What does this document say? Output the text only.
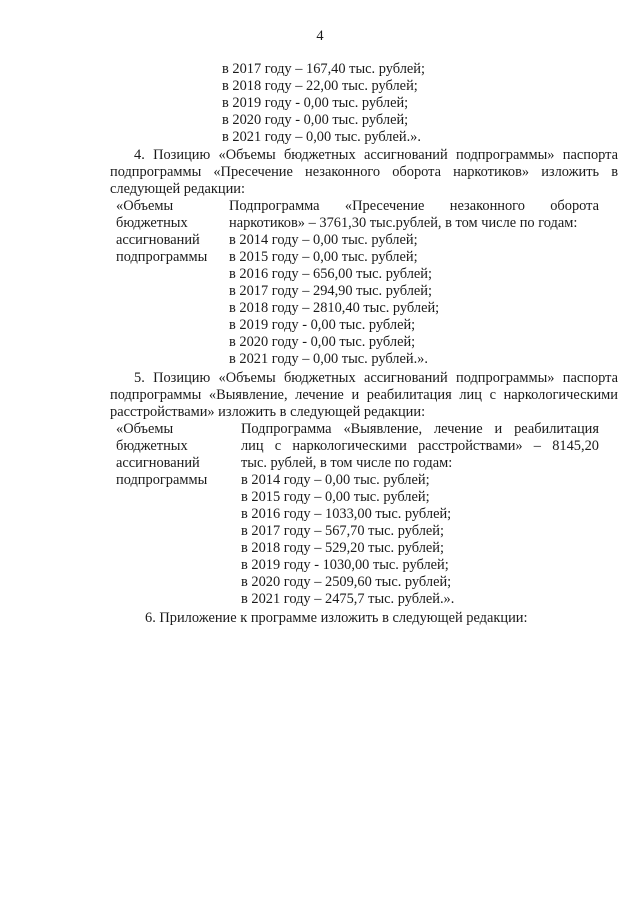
4
в 2017 году – 167,40 тыс. рублей;
в 2018 году – 22,00 тыс. рублей;
в 2019 году - 0,00 тыс. рублей;
в 2020 году - 0,00 тыс. рублей;
в 2021 году – 0,00 тыс. рублей.».
4. Позицию «Объемы бюджетных ассигнований подпрограммы» паспорта
подпрограммы «Пресечение незаконного оборота наркотиков» изложить в
следующей редакции:
«Объемы
бюджетных
ассигнований
подпрограммы
Подпрограмма «Пресечение незаконного оборота
наркотиков» – 3761,30 тыс.рублей, в том числе по годам:
в 2014 году – 0,00 тыс. рублей;
в 2015 году – 0,00 тыс. рублей;
в 2016 году – 656,00 тыс. рублей;
в 2017 году – 294,90 тыс. рублей;
в 2018 году – 2810,40 тыс. рублей;
в 2019 году - 0,00 тыс. рублей;
в 2020 году - 0,00 тыс. рублей;
в 2021 году – 0,00 тыс. рублей.».
5. Позицию «Объемы бюджетных ассигнований подпрограммы» паспорта
подпрограммы «Выявление, лечение и реабилитация лиц с наркологическими
расстройствами» изложить в следующей редакции:
«Объемы
бюджетных
ассигнований
подпрограммы
Подпрограмма «Выявление, лечение и реабилитация
лиц с наркологическими расстройствами» – 8145,20
тыс. рублей, в том числе по годам:
в 2014 году – 0,00 тыс. рублей;
в 2015 году – 0,00 тыс. рублей;
в 2016 году – 1033,00 тыс. рублей;
в 2017 году – 567,70 тыс. рублей;
в 2018 году – 529,20 тыс. рублей;
в 2019 году - 1030,00 тыс. рублей;
в 2020 году – 2509,60 тыс. рублей;
в 2021 году – 2475,7 тыс. рублей.».
6. Приложение к программе изложить в следующей редакции:
